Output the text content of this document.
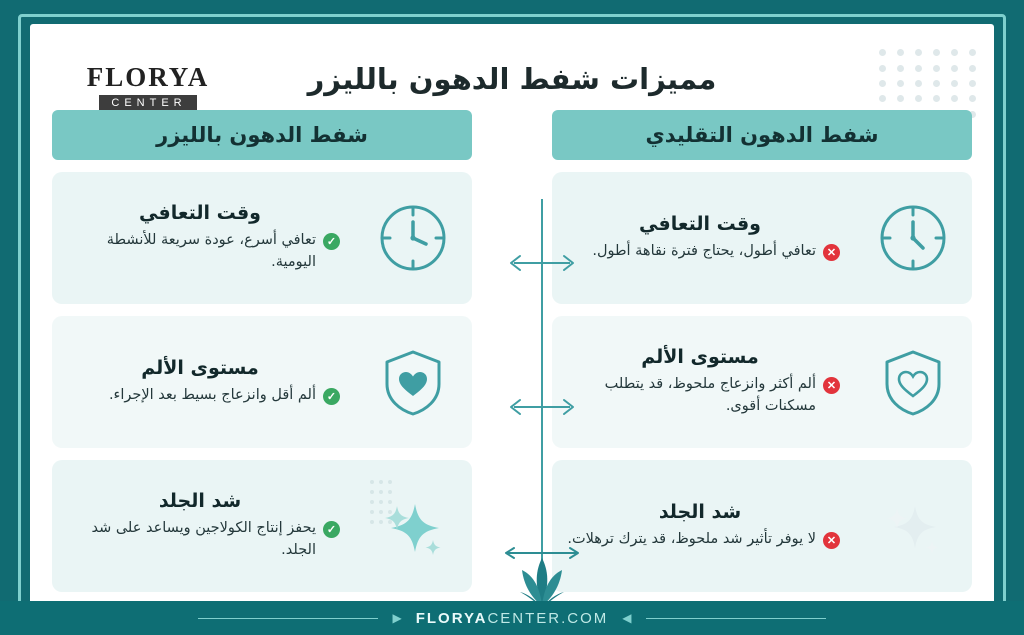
FLORYA
CENTER
مميزات شفط الدهون بالليزر
شفط الدهون بالليزر	شفط الدهون التقليدي
وقت التعافي
✓
تعافي أسرع، عودة سريعة للأنشطة اليومية.
وقت التعافي
✕
تعافي أطول، يحتاج فترة نقاهة أطول.
مستوى الألم
✓
ألم أقل وانزعاج بسيط بعد الإجراء.
مستوى الألم
✕
ألم أكثر وانزعاج ملحوظ، قد يتطلب مسكنات أقوى.
شد الجلد
✓
يحفز إنتاج الكولاجين ويساعد على شد الجلد.
شد الجلد
✕
لا يوفر تأثير شد ملحوظ، قد يترك ترهلات.
◀
FLORYACENTER.COM
▶
